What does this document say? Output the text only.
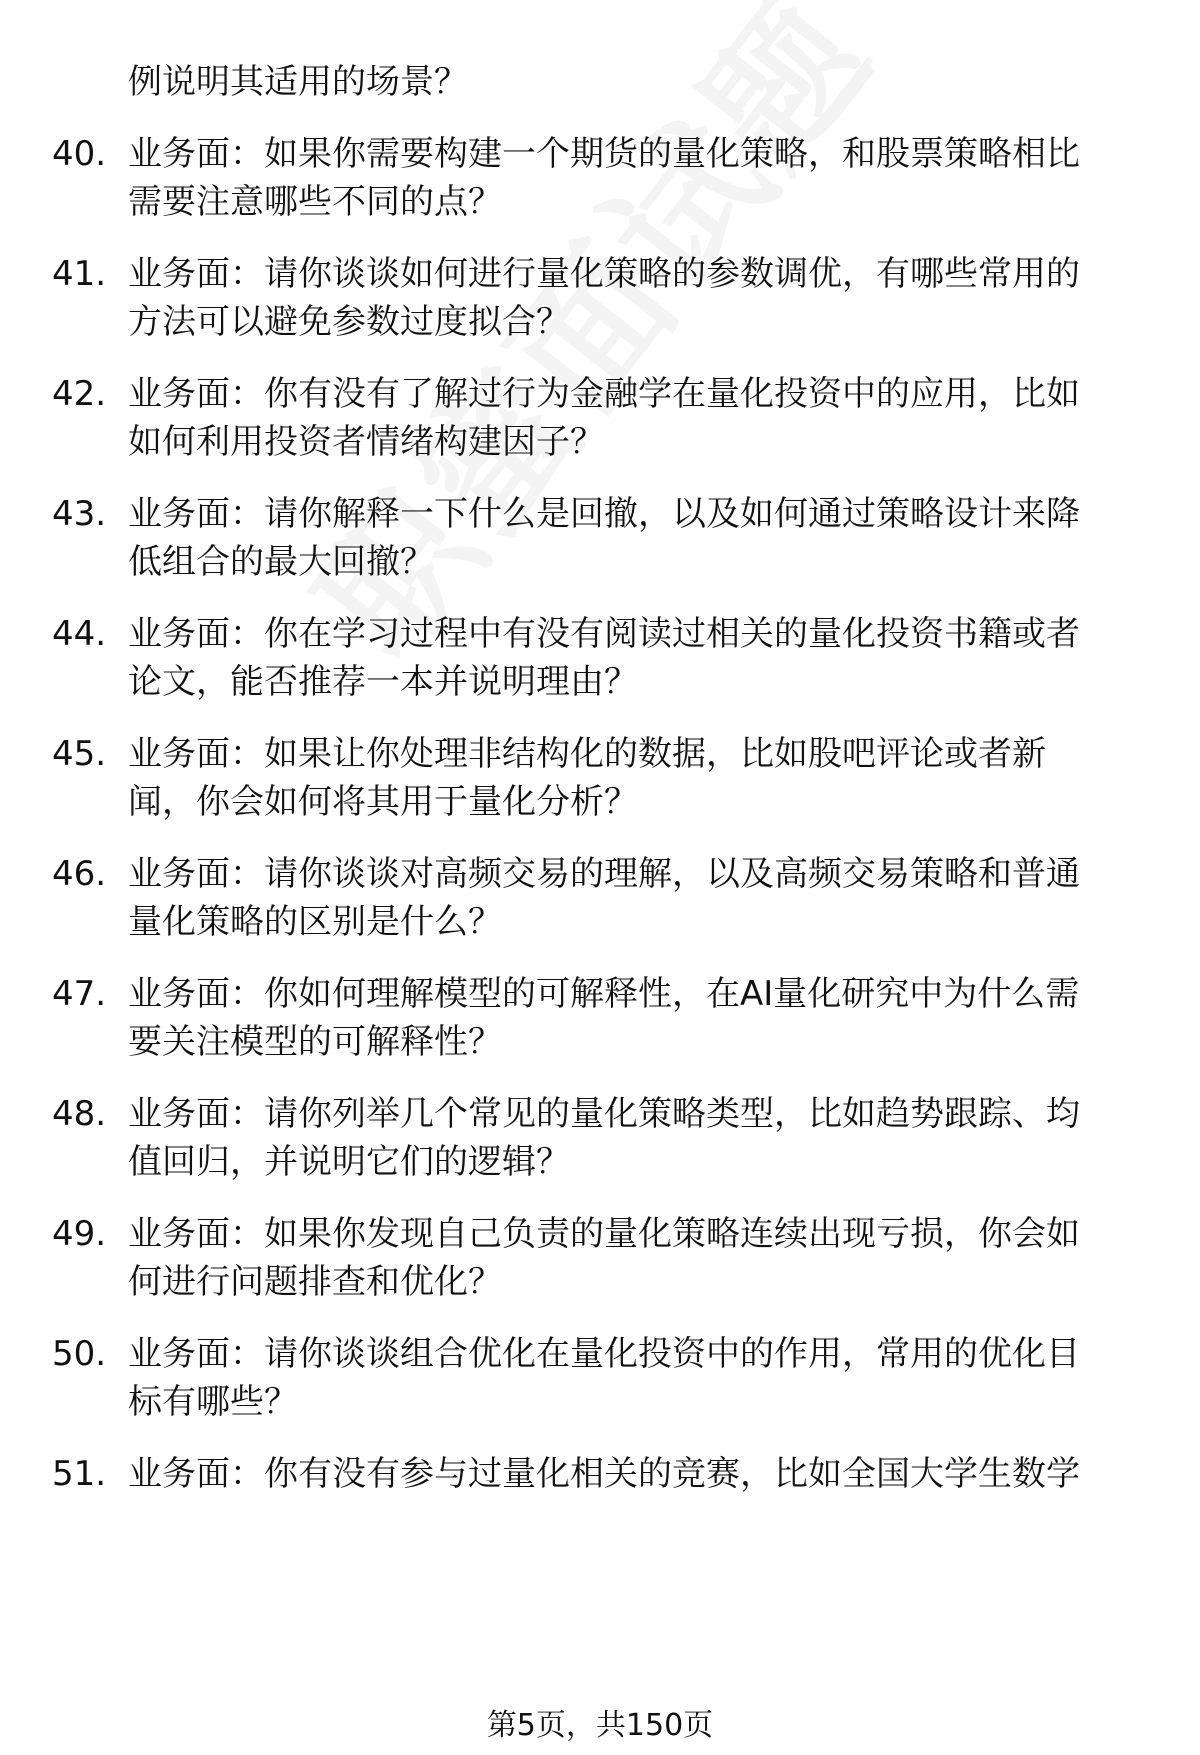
例说明其适用的场景？
40. 业务面：如果你需要构建一个期货的量化策略，和股票策略相比
需要注意哪些不同的点？
41. 业务面：请你谈谈如何进行量化策略的参数调优，有哪些常用的
方法可以避免参数过度拟合？
42. 业务面：你有没有了解过行为金融学在量化投资中的应用，比如
如何利用投资者情绪构建因子？
43. 业务面：请你解释一下什么是回撤，以及如何通过策略设计来降
低组合的最大回撤？
44. 业务面：你在学习过程中有没有阅读过相关的量化投资书籍或者
论文，能否推荐一本并说明理由？
45. 业务面：如果让你处理非结构化的数据，比如股吧评论或者新
闻，你会如何将其用于量化分析？
46. 业务面：请你谈谈对高频交易的理解，以及高频交易策略和普通
量化策略的区别是什么？
47. 业务面：你如何理解模型的可解释性，在AI量化研究中为什么需
要关注模型的可解释性？
48. 业务面：请你列举几个常见的量化策略类型，比如趋势跟踪、均
值回归，并说明它们的逻辑？
49. 业务面：如果你发现自己负责的量化策略连续出现亏损，你会如
何进行问题排查和优化？
50. 业务面：请你谈谈组合优化在量化投资中的作用，常用的优化目
标有哪些？
51. 业务面：你有没有参与过量化相关的竞赛，比如全国大学生数学
第5页，共150页
